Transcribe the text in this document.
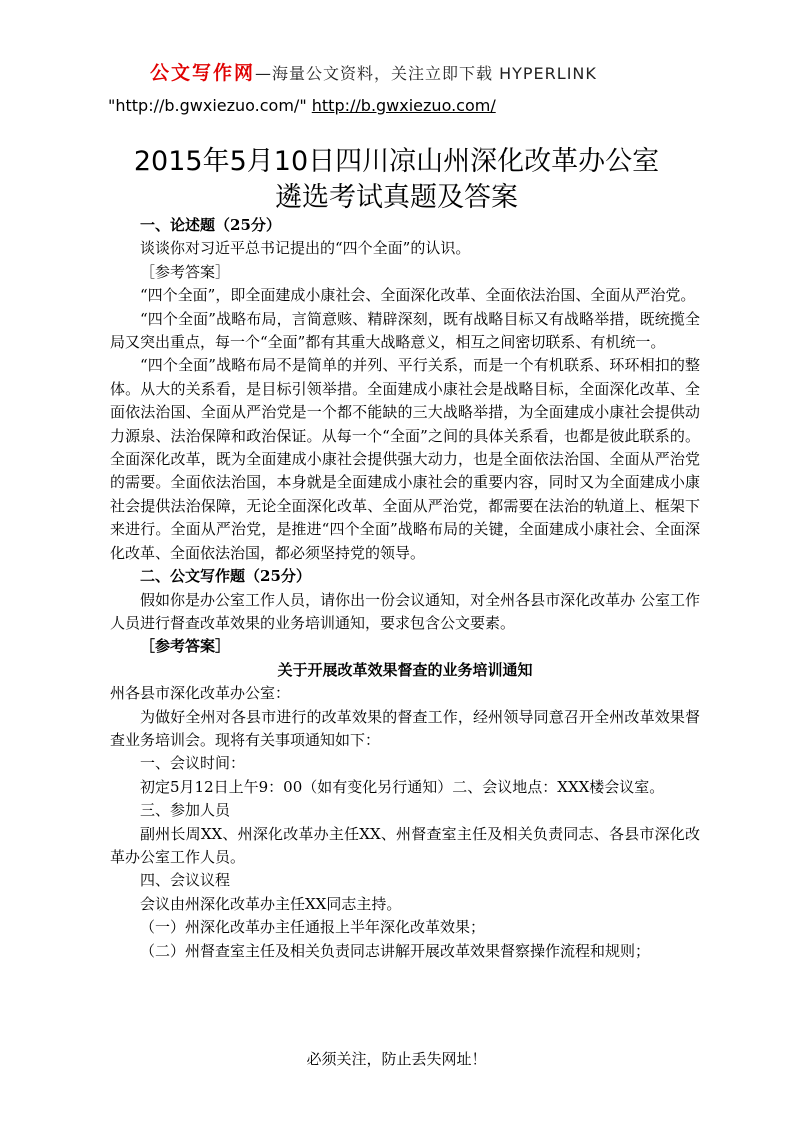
公文写作网—海量公文资料，关注立即下载 HYPERLINK
"http://b.gwxiezuo.com/" http://b.gwxiezuo.com/
2015年5月10日四川凉山州深化改革办公室
遴选考试真题及答案

一、论述题（25分）

谈谈你对习近平总书记提出的“四个全面”的认识。

［参考答案］

“四个全面”，即全面建成小康社会、全面深化改革、全面依法治国、全面从严治党。

“四个全面”战略布局，言简意赅、精辟深刻，既有战略目标又有战略举措，既统揽全局又突出重点，每一个“全面”都有其重大战略意义，相互之间密切联系、有机统一。

“四个全面”战略布局不是简单的并列、平行关系，而是一个有机联系、环环相扣的整体。从大的关系看，是目标引领举措。全面建成小康社会是战略目标，全面深化改革、全面依法治国、全面从严治党是一个都不能缺的三大战略举措，为全面建成小康社会提供动力源泉、法治保障和政治保证。从每一个“全面”之间的具体关系看，也都是彼此联系的。全面深化改革，既为全面建成小康社会提供强大动力，也是全面依法治国、全面从严治党的需要。全面依法治国，本身就是全面建成小康社会的重要内容，同时又为全面建成小康社会提供法治保障，无论全面深化改革、全面从严治党，都需要在法治的轨道上、框架下来进行。全面从严治党，是推进“四个全面”战略布局的关键，全面建成小康社会、全面深化改革、全面依法治国，都必须坚持党的领导。

二、公文写作题（25分）

假如你是办公室工作人员，请你出一份会议通知，对全州各县市深化改革办 公室工作人员进行督查改革效果的业务培训通知，要求包含公文要素。

［参考答案］

关于开展改革效果督查的业务培训通知

州各县市深化改革办公室：

为做好全州对各县市进行的改革效果的督查工作，经州领导同意召开全州改革效果督查业务培训会。现将有关事项通知如下：

一、会议时间：

初定5月12日上午9：00（如有变化另行通知）二、会议地点：XXX楼会议室。

三、参加人员

副州长周XX、州深化改革办主任XX、州督查室主任及相关负责同志、各县市深化改革办公室工作人员。

四、会议议程

会议由州深化改革办主任XX同志主持。

（一）州深化改革办主任通报上半年深化改革效果；

（二）州督查室主任及相关负责同志讲解开展改革效果督察操作流程和规则；

必须关注，防止丢失网址！
